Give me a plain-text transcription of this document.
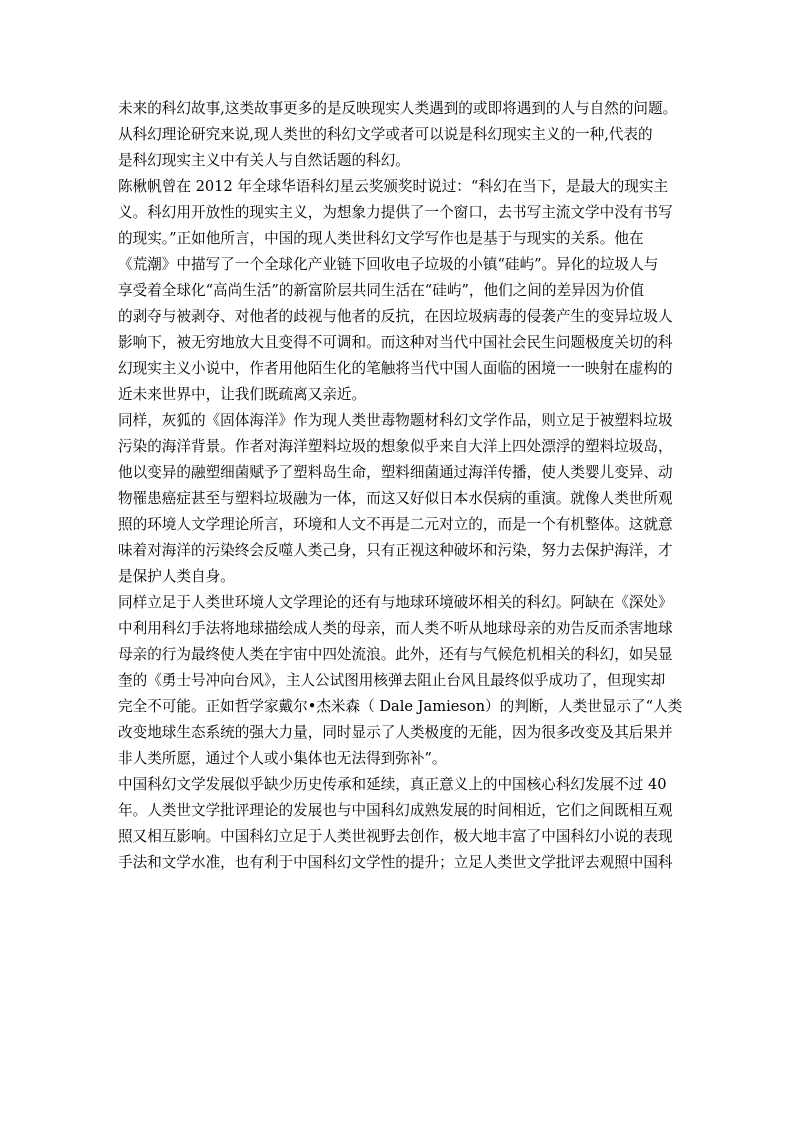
未来的科幻故事,这类故事更多的是反映现实人类遇到的或即将遇到的人与自然的问题。

从科幻理论研究来说,现人类世的科幻文学或者可以说是科幻现实主义的一种,代表的

是科幻现实主义中有关人与自然话题的科幻。

陈楸帆曾在 2012 年全球华语科幻星云奖颁奖时说过：“科幻在当下，是最大的现实主

义。科幻用开放性的现实主义，为想象力提供了一个窗口，去书写主流文学中没有书写

的现实。”正如他所言，中国的现人类世科幻文学写作也是基于与现实的关系。他在

《荒潮》中描写了一个全球化产业链下回收电子垃圾的小镇“硅屿”。异化的垃圾人与

享受着全球化“高尚生活”的新富阶层共同生活在“硅屿”，他们之间的差异因为价值

的剥夺与被剥夺、对他者的歧视与他者的反抗，在因垃圾病毒的侵袭产生的变异垃圾人

影响下，被无穷地放大且变得不可调和。而这种对当代中国社会民生问题极度关切的科

幻现实主义小说中，作者用他陌生化的笔触将当代中国人面临的困境一一映射在虚构的

近未来世界中，让我们既疏离又亲近。

同样，灰狐的《固体海洋》作为现人类世毒物题材科幻文学作品，则立足于被塑料垃圾

污染的海洋背景。作者对海洋塑料垃圾的想象似乎来自大洋上四处漂浮的塑料垃圾岛，

他以变异的融塑细菌赋予了塑料岛生命，塑料细菌通过海洋传播，使人类婴儿变异、动

物罹患癌症甚至与塑料垃圾融为一体，而这又好似日本水俣病的重演。就像人类世所观

照的环境人文学理论所言，环境和人文不再是二元对立的，而是一个有机整体。这就意

味着对海洋的污染终会反噬人类己身，只有正视这种破坏和污染，努力去保护海洋，才

是保护人类自身。

同样立足于人类世环境人文学理论的还有与地球环境破坏相关的科幻。阿缺在《深处》

中利用科幻手法将地球描绘成人类的母亲，而人类不听从地球母亲的劝告反而杀害地球

母亲的行为最终使人类在宇宙中四处流浪。此外，还有与气候危机相关的科幻，如吴显

奎的《勇士号冲向台风》，主人公试图用核弹去阻止台风且最终似乎成功了，但现实却

完全不可能。正如哲学家戴尔•杰米森（ Dale Jamieson）的判断，人类世显示了“人类

改变地球生态系统的强大力量，同时显示了人类极度的无能，因为很多改变及其后果并

非人类所愿，通过个人或小集体也无法得到弥补”。

中国科幻文学发展似乎缺少历史传承和延续，真正意义上的中国核心科幻发展不过 40

年。人类世文学批评理论的发展也与中国科幻成熟发展的时间相近，它们之间既相互观

照又相互影响。中国科幻立足于人类世视野去创作，极大地丰富了中国科幻小说的表现

手法和文学水准，也有利于中国科幻文学性的提升；立足人类世文学批评去观照中国科
